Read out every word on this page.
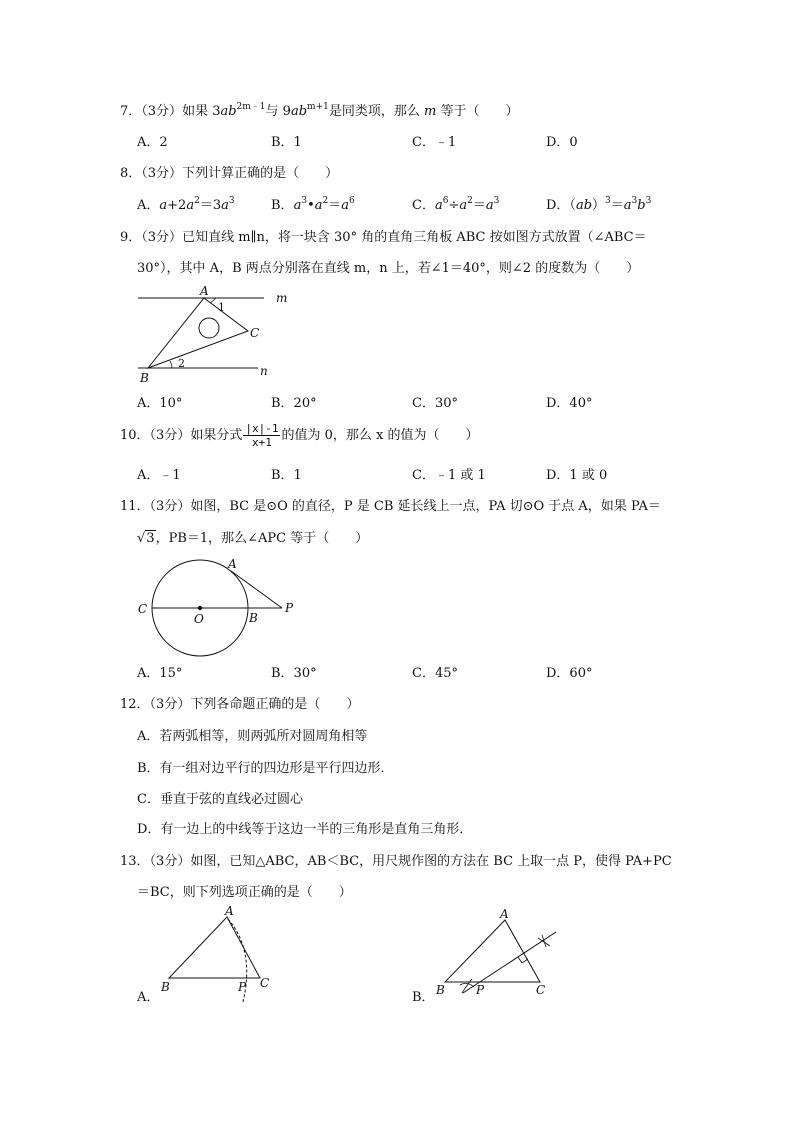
7．（3分）如果 $3ab^{2m﹣1}$与 $9ab^{m+1}$是同类项，那么 m 等于（　　）
A．2	B．1	C．﹣1	D．0
8．（3分）下列计算正确的是（　　）
A．$a+2a^2=3a^3$	B．$a^3•a^2=a^6$	C．$a^6\div a^2=a^3$	D．$(ab)^3=a^3b^3$
9．（3分）已知直线 m∥n，将一块含 30° 角的直角三角板 ABC 按如图方式放置（∠ABC＝
30°），其中 A，B 两点分别落在直线 m，n 上，若∠1＝40°，则∠2 的度数为（　　）
A
B
C
m
n
1
2
A．10°	B．20°	C．30°	D．40°
10．（3分）如果分式 $\frac{|x|-1}{x+1}$ 的值为 0，那么 x 的值为（　　）
A．﹣1	B．1	C．﹣1 或 1	D．1 或 0
11．（3分）如图，BC 是⊙O 的直径，P 是 CB 延长线上一点，PA 切⊙O 于点 A，如果 PA＝
√3，PB＝1，那么∠APC 等于（　　）
A
C
O	B
P
A．15°	B．30°	C．45°	D．60°
12．（3分）下列各命题正确的是（　　）
A．若两弧相等，则两弧所对圆周角相等
B．有一组对边平行的四边形是平行四边形．
C．垂直于弦的直线必过圆心
D．有一边上的中线等于这边一半的三角形是直角三角形．
13．（3分）如图，已知△ABC，AB＜BC，用尺规作图的方法在 BC 上取一点 P，使得 PA+PC
＝BC，则下列选项正确的是（　　）
A．
A
B	C
P
B．
A
B	C
P
